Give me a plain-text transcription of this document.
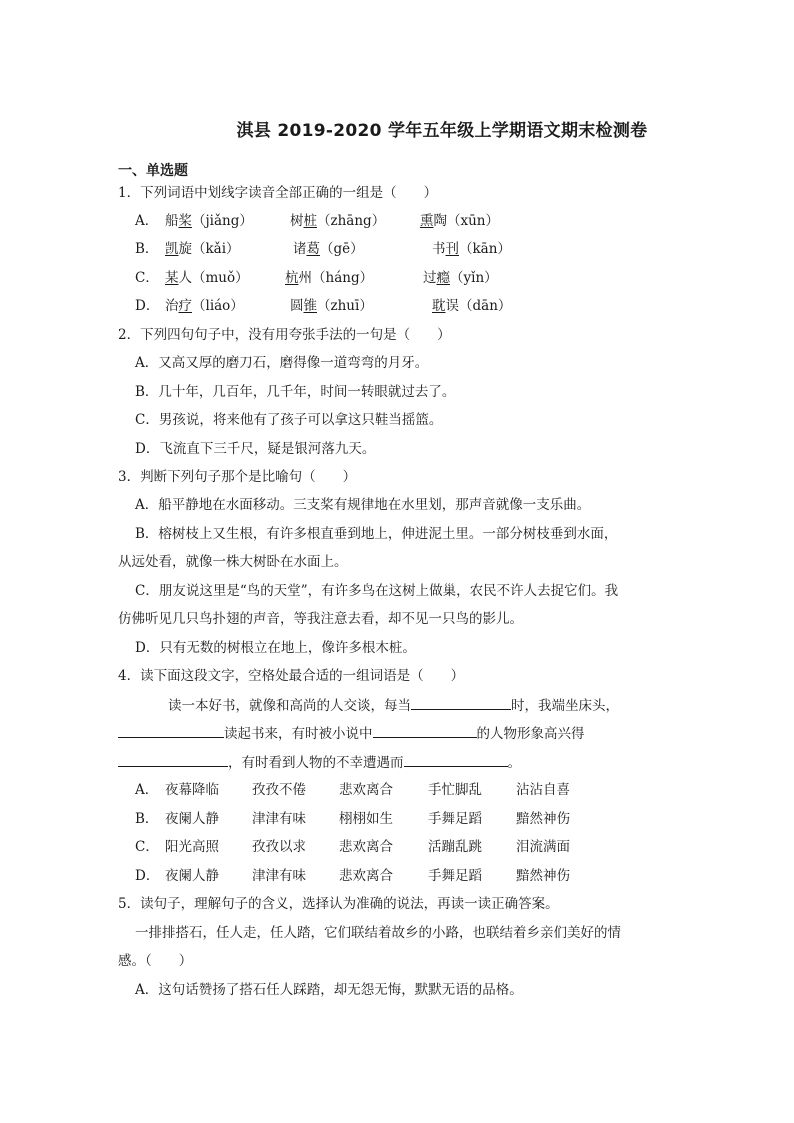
淇县 2019-2020 学年五年级上学期语文期末检测卷
一、单选题
1．下列词语中划线字读音全部正确的一组是（　　）
A． 船桨（jiǎng）	树桩（zhāng）	熏陶（xūn）
B． 凯旋（kǎi）	诸葛（gē）	书刊（kān）
C． 某人（muǒ）	杭州（háng）	过瘾（yǐn）
D． 治疗（liáo）	圆锥（zhuī）	耽误（dān）
2．下列四句句子中，没有用夸张手法的一句是（　　）
A．又高又厚的磨刀石，磨得像一道弯弯的月牙。
B．几十年，几百年，几千年，时间一转眼就过去了。
C．男孩说，将来他有了孩子可以拿这只鞋当摇篮。
D．飞流直下三千尺，疑是银河落九天。
3．判断下列句子那个是比喻句（　　）
A．船平静地在水面移动。三支桨有规律地在水里划，那声音就像一支乐曲。
B．榕树枝上又生根，有许多根直垂到地上，伸进泥土里。一部分树枝垂到水面，
从远处看，就像一株大树卧在水面上。
C．朋友说这里是“鸟的天堂”，有许多鸟在这树上做巢，农民不许人去捉它们。我
仿佛听见几只鸟扑翅的声音，等我注意去看，却不见一只鸟的影儿。
D．只有无数的树根立在地上，像许多根木桩。
4．读下面这段文字，空格处最合适的一组词语是（　　）
读一本好书，就像和高尚的人交谈，每当	时，我端坐床头，
读起书来，有时被小说中	的人物形象高兴得
，有时看到人物的不幸遭遇而	。
A． 夜幕降临 孜孜不倦 悲欢离合	手忙脚乱	沾沾自喜
B． 夜阑人静 津津有味 栩栩如生	手舞足蹈	黯然神伤
C． 阳光高照 孜孜以求 悲欢离合	活蹦乱跳	泪流满面
D． 夜阑人静 津津有味 悲欢离合	手舞足蹈	黯然神伤
5．读句子，理解句子的含义，选择认为准确的说法，再读一读正确答案。
一排排搭石，任人走，任人踏，它们联结着故乡的小路，也联结着乡亲们美好的情
感。（　　）
A．这句话赞扬了搭石任人踩踏，却无怨无悔，默默无语的品格。
